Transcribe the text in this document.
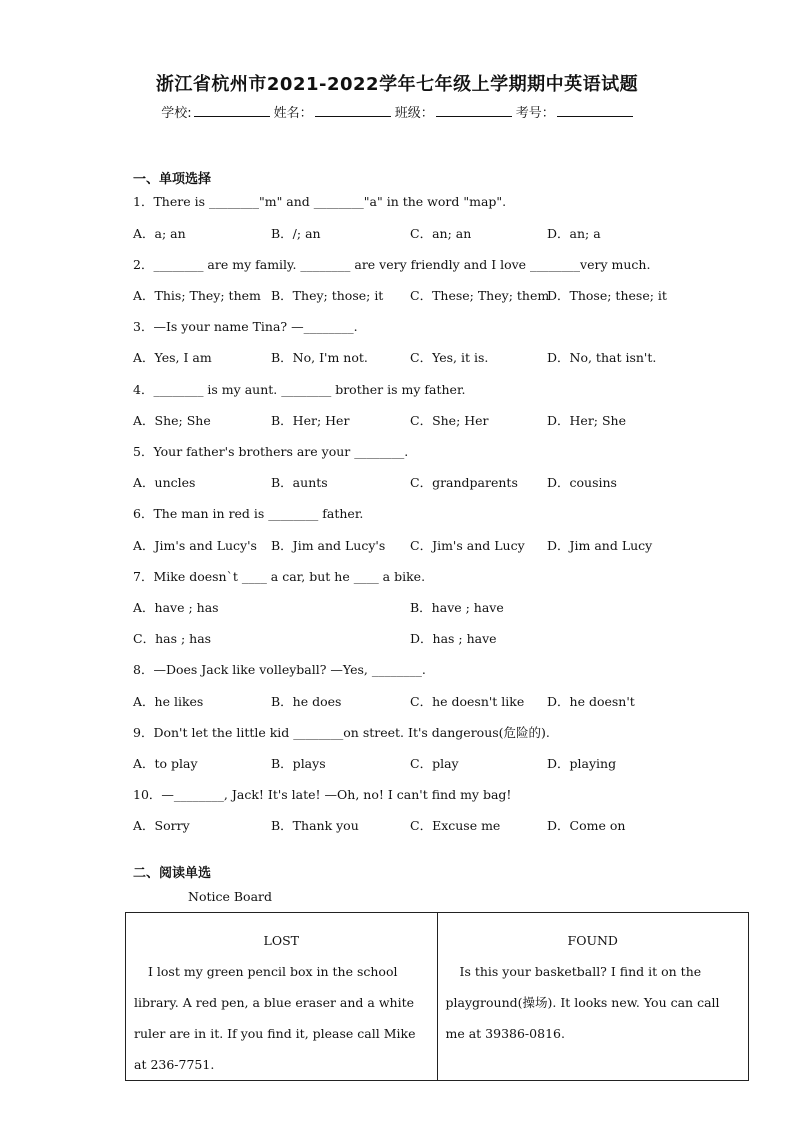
浙江省杭州市2021-2022学年七年级上学期期中英语试题
学校:	姓名：	班级：	考号：
一、单项选择
1．There is ________"m" and ________"a" in the word "map".
A．a; an	B．/; an	C．an; an	D．an; a
2．________ are my family. ________ are very friendly and I love ________very much.
A．This; They; them B．They; those; it C．These; They; them
D．Those; these; it
3．—Is your name Tina? —________.
A．Yes, I am	B．No, I'm not.	C．Yes, it is.	D．No, that isn't.
4．________ is my aunt. ________ brother is my father.
A．She; She	B．Her; Her	C．She; Her	D．Her; She
5．Your father's brothers are your ________.
A．uncles	B．aunts	C．grandparents D．cousins
6．The man in red is ________ father.
A．Jim's and Lucy's B．Jim and Lucy's C．Jim's and Lucy D．Jim and Lucy
7．Mike doesn`t ____ a car, but he ____ a bike.
A．have ; has	B．have ; have
C．has ; has	D．has ; have
8．—Does Jack like volleyball? —Yes, ________.
A．he likes	B．he does	C．he doesn't like D．he doesn't
9．Don't let the little kid ________on street. It's dangerous(危险的).
A．to play	B．plays	C．play	D．playing
10．—________, Jack! It's late! —Oh, no! I can't find my bag!
A．Sorry	B．Thank you	C．Excuse me	D．Come on
二、阅读单选
Notice Board
LOST

I lost my green pencil box in the school library. A red pen, a blue eraser and a white ruler are in it. If you find it, please call Mike at 236-7751.

FOUND

Is this your basketball? I find it on the playground(操场). It looks new. You can call me at 39386-0816.
